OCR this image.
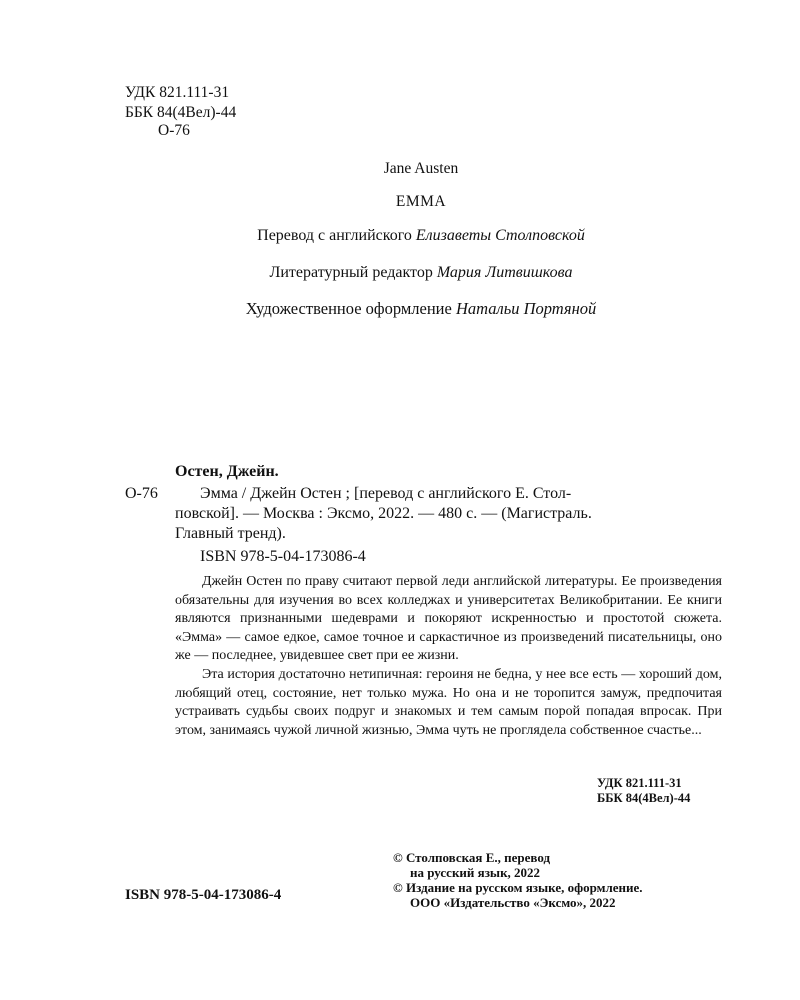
УДК 821.111-31
ББК 84(4Вел)-44
О-76
Jane Austen
EMMA
Перевод с английского Елизаветы Столповской
Литературный редактор Мария Литвишкова
Художественное оформление Натальи Портяной
Остен, Джейн.
О-76	Эмма / Джейн Остен ; [перевод с английского Е. Стол-
повской]. — Москва : Эксмо, 2022. — 480 с. — (Магистраль.
Главный тренд).
ISBN 978-5-04-173086-4

Джейн Остен по праву считают первой леди английской литературы. Ее произведения обязательны для изучения во всех колледжах и университетах Великобритании. Ее книги являются признанными шедеврами и покоряют искренностью и простотой сюжета. «Эмма» — самое едкое, самое точное и саркастичное из произведений писательницы, оно же — последнее, увидевшее свет при ее жизни.

Эта история достаточно нетипичная: героиня не бедна, у нее все есть — хороший дом, любящий отец, состояние, нет только мужа. Но она и не торопится замуж, предпочитая устраивать судьбы своих подруг и знакомых и тем самым порой попадая впросак. При этом, занимаясь чужой личной жизнью, Эмма чуть не проглядела собственное счастье...

УДК 821.111-31
ББК 84(4Вел)-44
© Столповская Е., перевод
на русский язык, 2022
© Издание на русском языке, оформление.
ООО «Издательство «Эксмо», 2022
ISBN 978-5-04-173086-4
